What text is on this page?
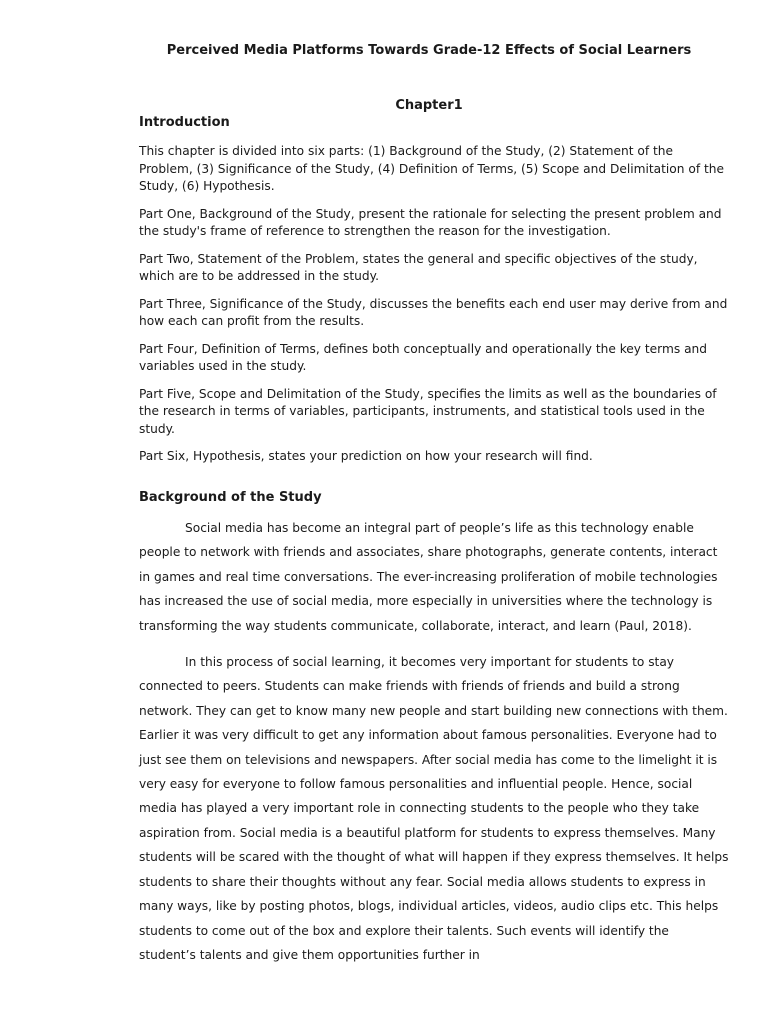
Perceived Media Platforms Towards Grade-12 Effects of Social Learners
Chapter1
Introduction

This chapter is divided into six parts: (1) Background of the Study, (2) Statement of the Problem, (3) Significance of the Study, (4) Definition of Terms, (5) Scope and Delimitation of the Study, (6) Hypothesis.

Part One, Background of the Study, present the rationale for selecting the present problem and the study's frame of reference to strengthen the reason for the investigation.

Part Two, Statement of the Problem, states the general and specific objectives of the study, which are to be addressed in the study.

Part Three, Significance of the Study, discusses the benefits each end user may derive from and how each can profit from the results.

Part Four, Definition of Terms, defines both conceptually and operationally the key terms and variables used in the study.

Part Five, Scope and Delimitation of the Study, specifies the limits as well as the boundaries of the research in terms of variables, participants, instruments, and statistical tools used in the study.

Part Six, Hypothesis, states your prediction on how your research will find.

Background of the Study

Social media has become an integral part of people’s life as this technology enable people to network with friends and associates, share photographs, generate contents, interact in games and real time conversations. The ever-increasing proliferation of mobile technologies has increased the use of social media, more especially in universities where the technology is transforming the way students communicate, collaborate, interact, and learn (Paul, 2018).

In this process of social learning, it becomes very important for students to stay connected to peers. Students can make friends with friends of friends and build a strong network. They can get to know many new people and start building new connections with them. Earlier it was very difficult to get any information about famous personalities. Everyone had to just see them on televisions and newspapers. After social media has come to the limelight it is very easy for everyone to follow famous personalities and influential people. Hence, social media has played a very important role in connecting students to the people who they take aspiration from. Social media is a beautiful platform for students to express themselves. Many students will be scared with the thought of what will happen if they express themselves. It helps students to share their thoughts without any fear. Social media allows students to express in many ways, like by posting photos, blogs, individual articles, videos, audio clips etc. This helps students to come out of the box and explore their talents. Such events will identify the student’s talents and give them opportunities further in
